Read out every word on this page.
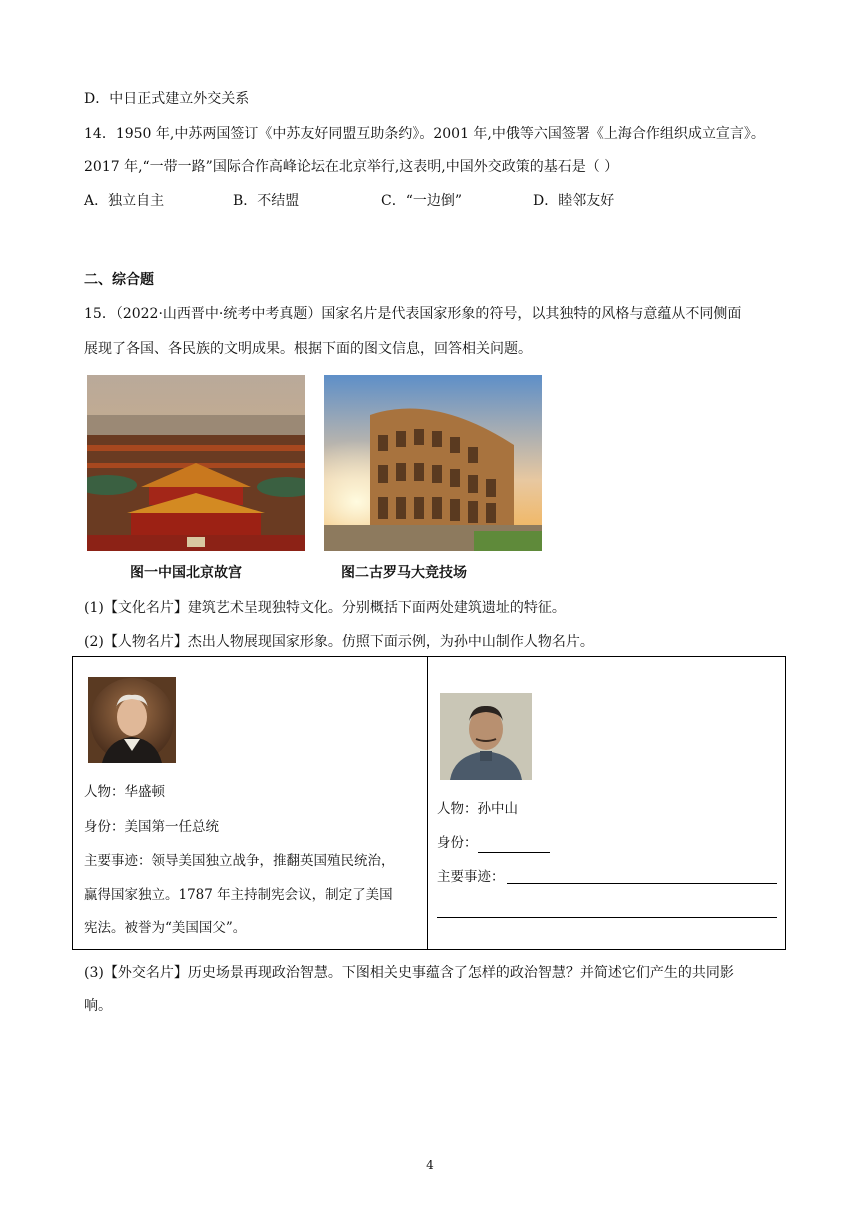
D．中日正式建立外交关系
14．1950 年,中苏两国签订《中苏友好同盟互助条约》。2001 年,中俄等六国签署《上海合作组织成立宣言》。
2017 年,“一带一路”国际合作高峰论坛在北京举行,这表明,中国外交政策的基石是（ ）
A．独立自主	B．不结盟	C．“一边倒”	D．睦邻友好
二、综合题
15．（2022·山西晋中·统考中考真题）国家名片是代表国家形象的符号，以其独特的风格与意蕴从不同侧面
展现了各国、各民族的文明成果。根据下面的图文信息，回答相关问题。
图一中国北京故宫	图二古罗马大竞技场
(1)【文化名片】建筑艺术呈现独特文化。分别概括下面两处建筑遗址的特征。
(2)【人物名片】杰出人物展现国家形象。仿照下面示例，为孙中山制作人物名片。
人物：华盛顿
身份：美国第一任总统
主要事迹：领导美国独立战争，推翻英国殖民统治，
赢得国家独立。1787 年主持制宪会议，制定了美国
宪法。被誉为“美国国父”。
人物：孙中山
身份：
主要事迹：
(3)【外交名片】历史场景再现政治智慧。下图相关史事蕴含了怎样的政治智慧？并简述它们产生的共同影
响。
4
